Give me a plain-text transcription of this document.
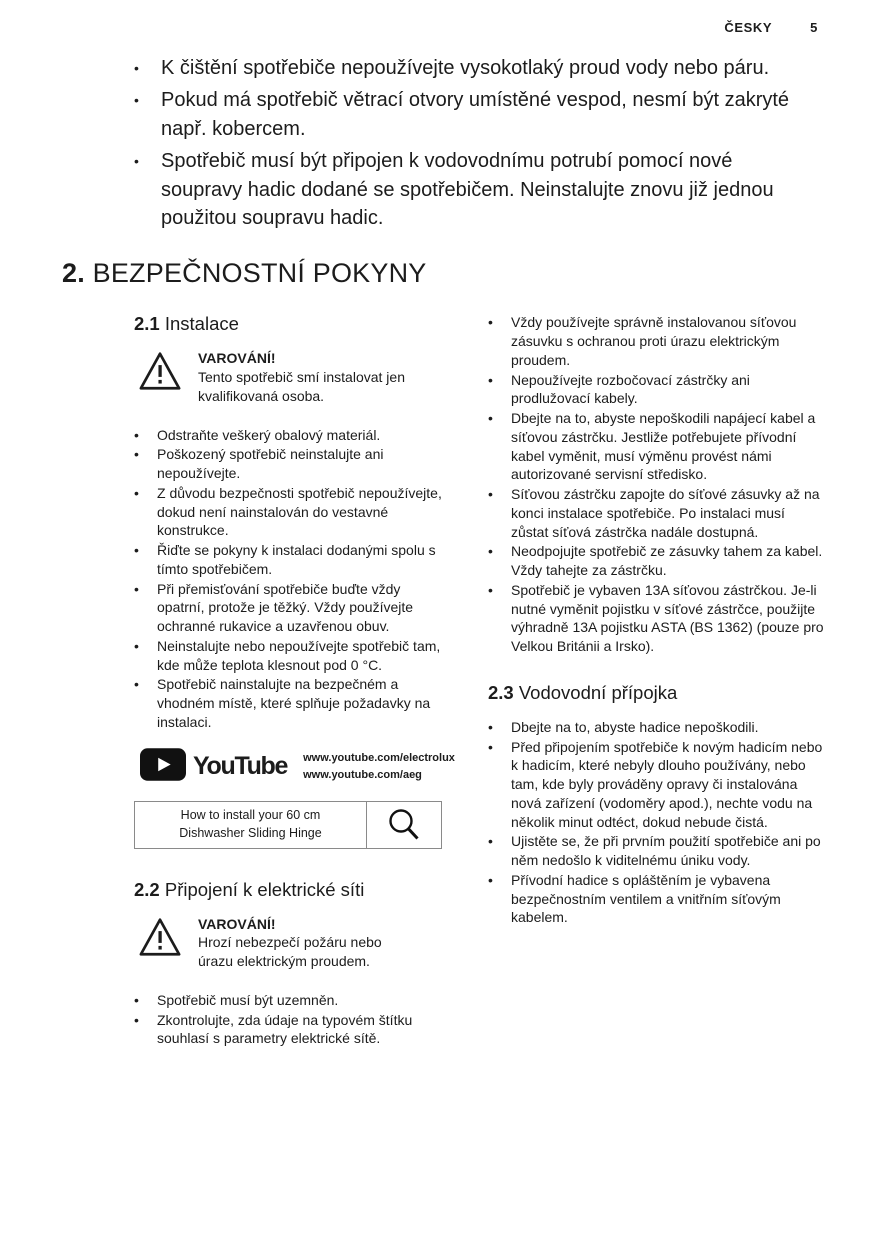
ČESKY	5
• K čištění spotřebiče nepoužívejte vysokotlaký proud vody nebo páru.
• Pokud má spotřebič větrací otvory umístěné vespod, nesmí být zakryté např. kobercem.
• Spotřebič musí být připojen k vodovodnímu potrubí pomocí nové soupravy hadic dodané se spotřebičem. Neinstalujte znovu již jednou použitou soupravu hadic.
2. BEZPEČNOSTNÍ POKYNY
2.1 Instalace
VAROVÁNÍ!
Tento spotřebič smí instalovat jen kvalifikovaná osoba.
• Odstraňte veškerý obalový materiál.
• Poškozený spotřebič neinstalujte ani nepoužívejte.
• Z důvodu bezpečnosti spotřebič nepoužívejte, dokud není nainstalován do vestavné konstrukce.
• Řiďte se pokyny k instalaci dodanými spolu s tímto spotřebičem.
• Při přemisťování spotřebiče buďte vždy opatrní, protože je těžký. Vždy používejte ochranné rukavice a uzavřenou obuv.
• Neinstalujte nebo nepoužívejte spotřebič tam, kde může teplota klesnout pod 0 °C.
• Spotřebič nainstalujte na bezpečném a vhodném místě, které splňuje požadavky na instalaci.
YouTube www.youtube.com/electrolux
www.youtube.com/aeg
How to install your 60 cm
Dishwasher Sliding Hinge
2.2 Připojení k elektrické síti
VAROVÁNÍ!
Hrozí nebezpečí požáru nebo úrazu elektrickým proudem.
• Spotřebič musí být uzemněn.
• Zkontrolujte, zda údaje na typovém štítku souhlasí s parametry elektrické sítě.
• Vždy používejte správně instalovanou síťovou zásuvku s ochranou proti úrazu elektrickým proudem.
• Nepoužívejte rozbočovací zástrčky ani prodlužovací kabely.
• Dbejte na to, abyste nepoškodili napájecí kabel a síťovou zástrčku. Jestliže potřebujete přívodní kabel vyměnit, musí výměnu provést námi autorizované servisní středisko.
• Síťovou zástrčku zapojte do síťové zásuvky až na konci instalace spotřebiče. Po instalaci musí zůstat síťová zástrčka nadále dostupná.
• Neodpojujte spotřebič ze zásuvky tahem za kabel. Vždy tahejte za zástrčku.
• Spotřebič je vybaven 13A síťovou zástrčkou. Je-li nutné vyměnit pojistku v síťové zástrčce, použijte výhradně 13A pojistku ASTA (BS 1362) (pouze pro Velkou Británii a Irsko).
2.3 Vodovodní přípojka
• Dbejte na to, abyste hadice nepoškodili.
• Před připojením spotřebiče k novým hadicím nebo k hadicím, které nebyly dlouho používány, nebo tam, kde byly prováděny opravy či instalována nová zařízení (vodoměry apod.), nechte vodu na několik minut odtéct, dokud nebude čistá.
• Ujistěte se, že při prvním použití spotřebiče ani po něm nedošlo k viditelnému úniku vody.
• Přívodní hadice s opláštěním je vybavena bezpečnostním ventilem a vnitřním síťovým kabelem.
